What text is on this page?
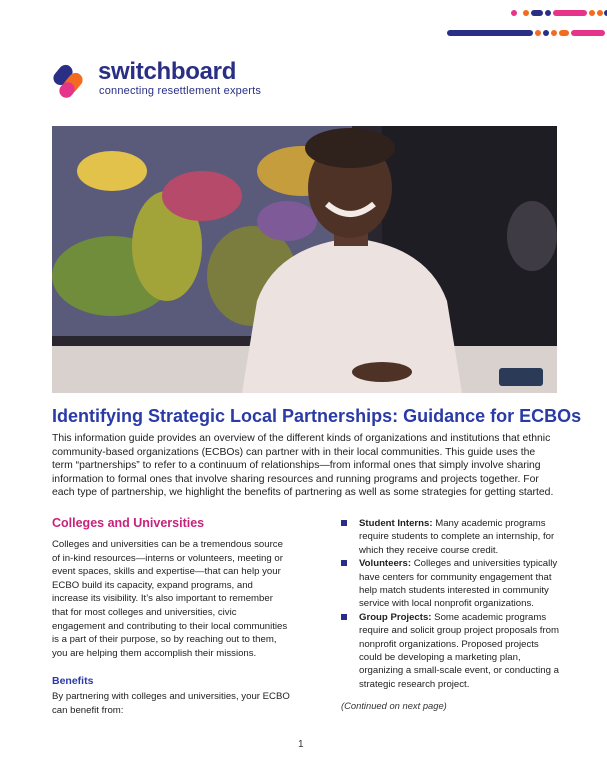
switchboard
connecting resettlement experts
Identifying Strategic Local Partnerships: Guidance for ECBOs

This information guide provides an overview of the different kinds of organizations and institutions that ethnic community-based organizations (ECBOs) can partner with in their local communities. This guide uses the term “partnerships” to refer to a continuum of relationships—from informal ones that simply involve sharing information to formal ones that involve sharing resources and running programs and projects together. For each type of partnership, we highlight the benefits of partnering as well as some strategies for getting started.

Colleges and Universities

Colleges and universities can be a tremendous source of in-kind resources—interns or volunteers, meeting or event spaces, skills and expertise—that can help your ECBO build its capacity, expand programs, and increase its visibility. It’s also important to remember that for most colleges and universities, civic engagement and contributing to their local communities is a part of their purpose, so by reaching out to them, you are helping them accomplish their missions.

Benefits

By partnering with colleges and universities, your ECBO can benefit from:

Student Interns: Many academic programs require students to complete an internship, for which they receive course credit.
Volunteers: Colleges and universities typically have centers for community engagement that help match students interested in community service with local nonprofit organizations.
Group Projects: Some academic programs require and solicit group project proposals from nonprofit organizations. Proposed projects could be developing a marketing plan, organizing a small-scale event, or conducting a strategic research project.
(Continued on next page)
1
